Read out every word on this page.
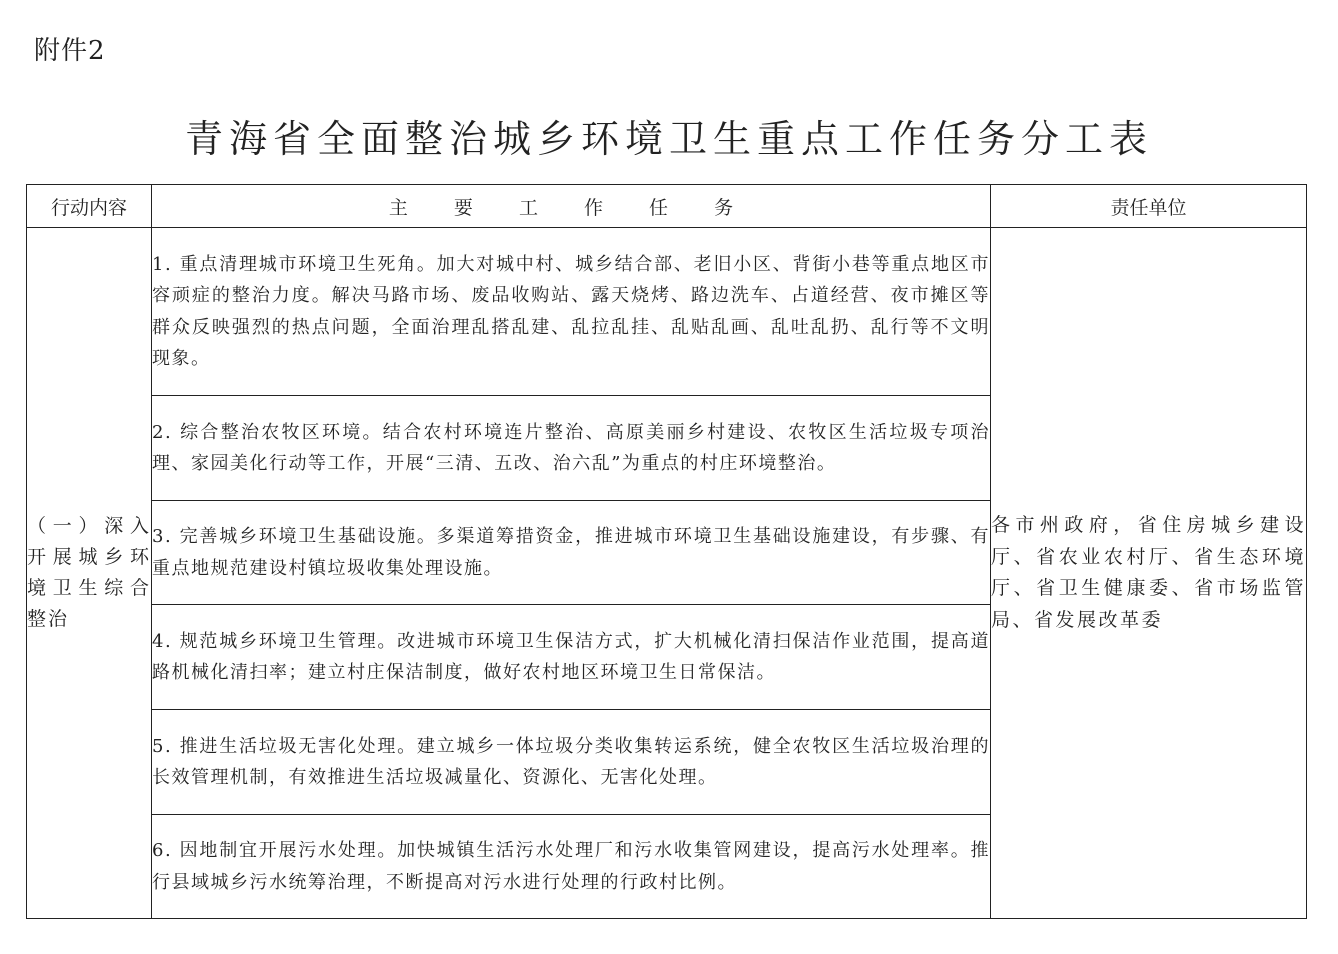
附件2
青海省全面整治城乡环境卫生重点工作任务分工表
行动内容	主 要 工 作 任 务	责任单位
（一）深入开展城乡环境卫生综合整治	1. 重点清理城市环境卫生死角。加大对城中村、城乡结合部、老旧小区、背街小巷等重点地区市容顽症的整治力度。解决马路市场、废品收购站、露天烧烤、路边洗车、占道经营、夜市摊区等群众反映强烈的热点问题，全面治理乱搭乱建、乱拉乱挂、乱贴乱画、乱吐乱扔、乱行等不文明现象。	各市州政府，省住房城乡建设厅、省农业农村厅、省生态环境厅、省卫生健康委、省市场监管局、省发展改革委
	2. 综合整治农牧区环境。结合农村环境连片整治、高原美丽乡村建设、农牧区生活垃圾专项治理、家园美化行动等工作，开展“三清、五改、治六乱”为重点的村庄环境整治。	
	3. 完善城乡环境卫生基础设施。多渠道筹措资金，推进城市环境卫生基础设施建设，有步骤、有重点地规范建设村镇垃圾收集处理设施。	
	4. 规范城乡环境卫生管理。改进城市环境卫生保洁方式，扩大机械化清扫保洁作业范围，提高道路机械化清扫率；建立村庄保洁制度，做好农村地区环境卫生日常保洁。	
	5. 推进生活垃圾无害化处理。建立城乡一体垃圾分类收集转运系统，健全农牧区生活垃圾治理的长效管理机制，有效推进生活垃圾减量化、资源化、无害化处理。	
	6. 因地制宜开展污水处理。加快城镇生活污水处理厂和污水收集管网建设，提高污水处理率。推行县域城乡污水统筹治理，不断提高对污水进行处理的行政村比例。	
